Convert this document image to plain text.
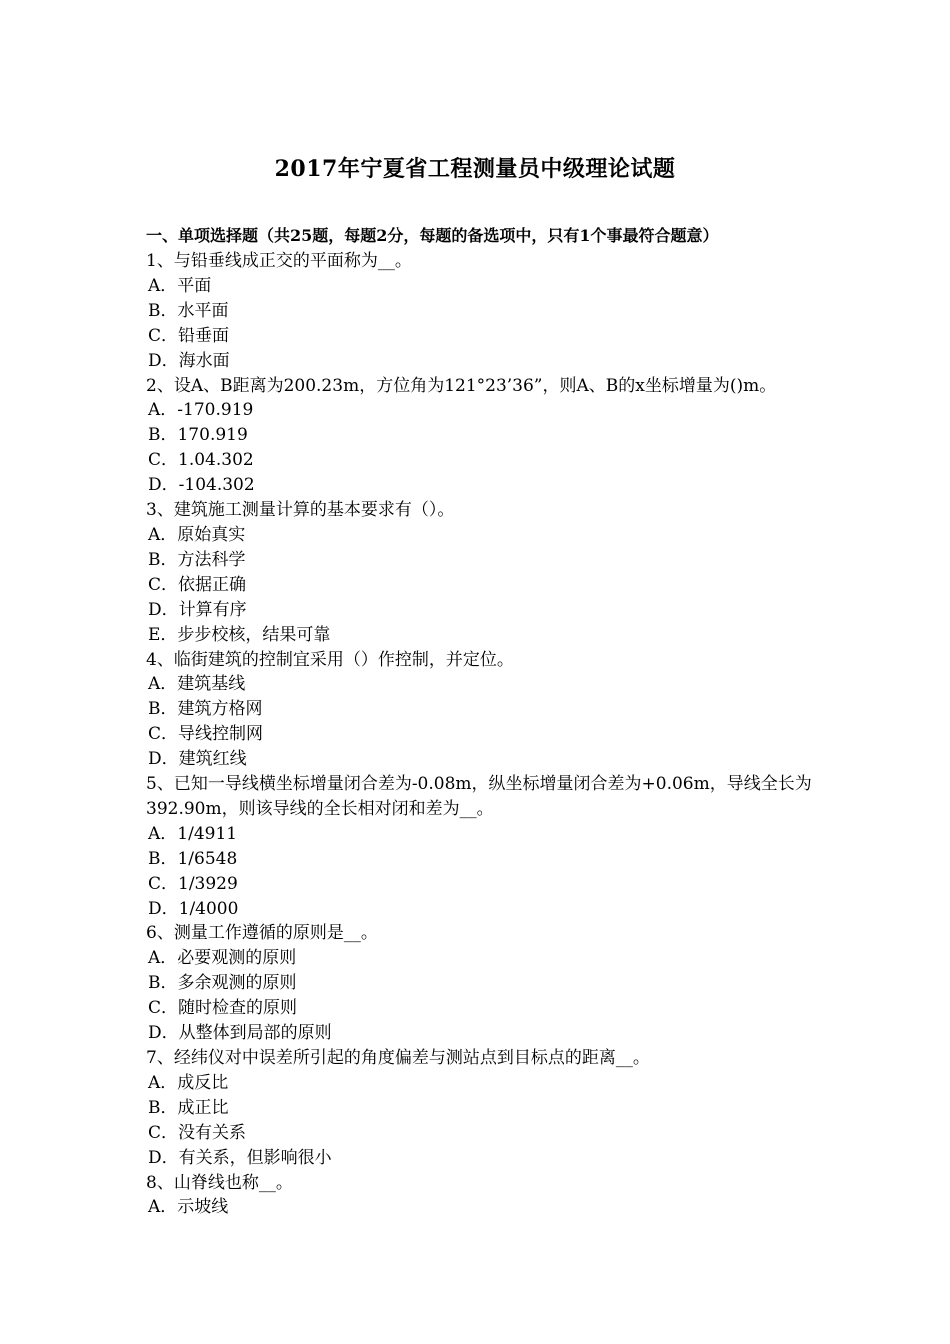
2017年宁夏省工程测量员中级理论试题
一、单项选择题（共25题，每题2分，每题的备选项中，只有1个事最符合题意）
1、与铅垂线成正交的平面称为__。
A．平面
B．水平面
C．铅垂面
D．海水面
2、设A、B距离为200.23m，方位角为121°23’36”，则A、B的x坐标增量为()m。
A．-170.919
B．170.919
C．1.04.302
D．-104.302
3、建筑施工测量计算的基本要求有（）。
A．原始真实
B．方法科学
C．依据正确
D．计算有序
E．步步校核，结果可靠
4、临街建筑的控制宜采用（）作控制，并定位。
A．建筑基线
B．建筑方格网
C．导线控制网
D．建筑红线
5、已知一导线横坐标增量闭合差为-0.08m，纵坐标增量闭合差为+0.06m，导线全长为392.90m，则该导线的全长相对闭和差为__。
A．1/4911
B．1/6548
C．1/3929
D．1/4000
6、测量工作遵循的原则是__。
A．必要观测的原则
B．多余观测的原则
C．随时检查的原则
D．从整体到局部的原则
7、经纬仪对中误差所引起的角度偏差与测站点到目标点的距离__。
A．成反比
B．成正比
C．没有关系
D．有关系，但影响很小
8、山脊线也称__。
A．示坡线
